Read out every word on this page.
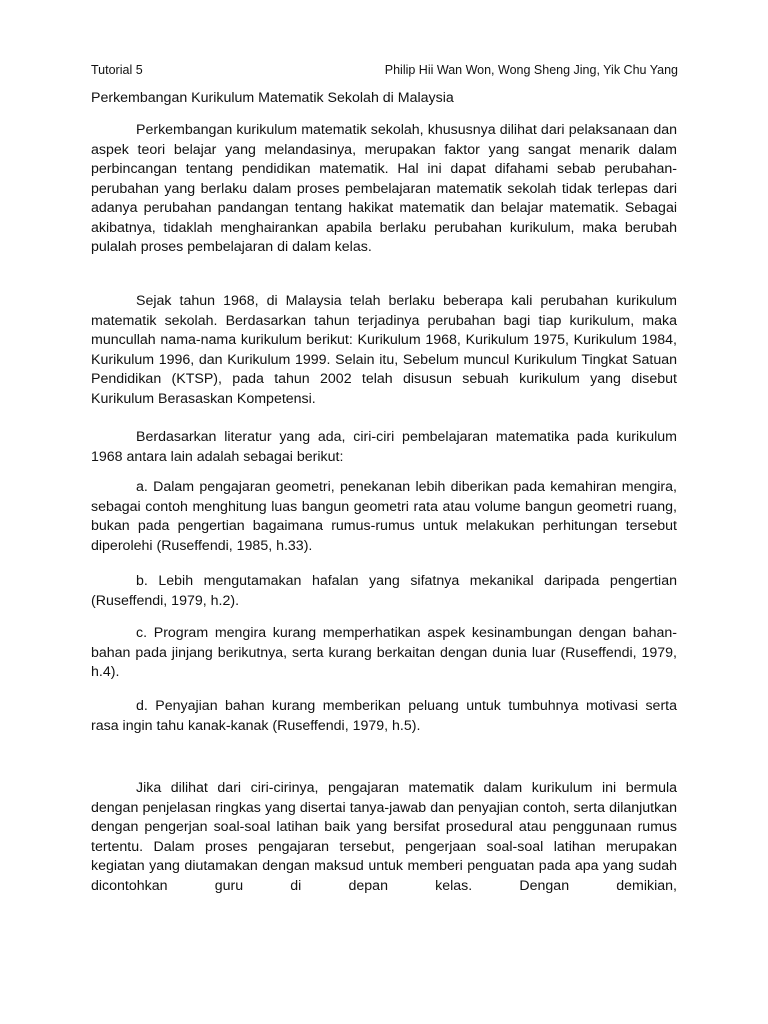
Tutorial 5	Philip Hii Wan Won, Wong Sheng Jing, Yik Chu Yang
Perkembangan Kurikulum Matematik Sekolah di Malaysia

Perkembangan kurikulum matematik sekolah, khususnya dilihat dari pelaksanaan dan aspek teori belajar yang melandasinya, merupakan faktor yang sangat menarik dalam perbincangan tentang pendidikan matematik. Hal ini dapat difahami sebab perubahan-perubahan yang berlaku dalam proses pembelajaran matematik sekolah tidak terlepas dari adanya perubahan pandangan tentang hakikat matematik dan belajar matematik. Sebagai akibatnya, tidaklah menghairankan apabila berlaku perubahan kurikulum, maka berubah pulalah proses pembelajaran di dalam kelas.

Sejak tahun 1968, di Malaysia telah berlaku beberapa kali perubahan kurikulum matematik sekolah. Berdasarkan tahun terjadinya perubahan bagi tiap kurikulum, maka muncullah nama-nama kurikulum berikut: Kurikulum 1968, Kurikulum 1975, Kurikulum 1984, Kurikulum 1996, dan Kurikulum 1999. Selain itu, Sebelum muncul Kurikulum Tingkat Satuan Pendidikan (KTSP), pada tahun 2002 telah disusun sebuah kurikulum yang disebut Kurikulum Berasaskan Kompetensi.

Berdasarkan literatur yang ada, ciri-ciri pembelajaran matematika pada kurikulum 1968 antara lain adalah sebagai berikut:

a. Dalam pengajaran geometri, penekanan lebih diberikan pada kemahiran mengira, sebagai contoh menghitung luas bangun geometri rata atau volume bangun geometri ruang, bukan pada pengertian bagaimana rumus-rumus untuk melakukan perhitungan tersebut diperolehi (Ruseffendi, 1985, h.33).

b. Lebih mengutamakan hafalan yang sifatnya mekanikal daripada pengertian (Ruseffendi, 1979, h.2).

c. Program mengira kurang memperhatikan aspek kesinambungan dengan bahan-bahan pada jinjang berikutnya, serta kurang berkaitan dengan dunia luar (Ruseffendi, 1979, h.4).

d. Penyajian bahan kurang memberikan peluang untuk tumbuhnya motivasi serta rasa ingin tahu kanak-kanak (Ruseffendi, 1979, h.5).

Jika dilihat dari ciri-cirinya, pengajaran matematik dalam kurikulum ini bermula dengan penjelasan ringkas yang disertai tanya-jawab dan penyajian contoh, serta dilanjutkan dengan pengerjan soal-soal latihan baik yang bersifat prosedural atau penggunaan rumus tertentu. Dalam proses pengajaran tersebut, pengerjaan soal-soal latihan merupakan kegiatan yang diutamakan dengan maksud untuk memberi penguatan pada apa yang sudah dicontohkan guru di depan kelas. Dengan demikian,
